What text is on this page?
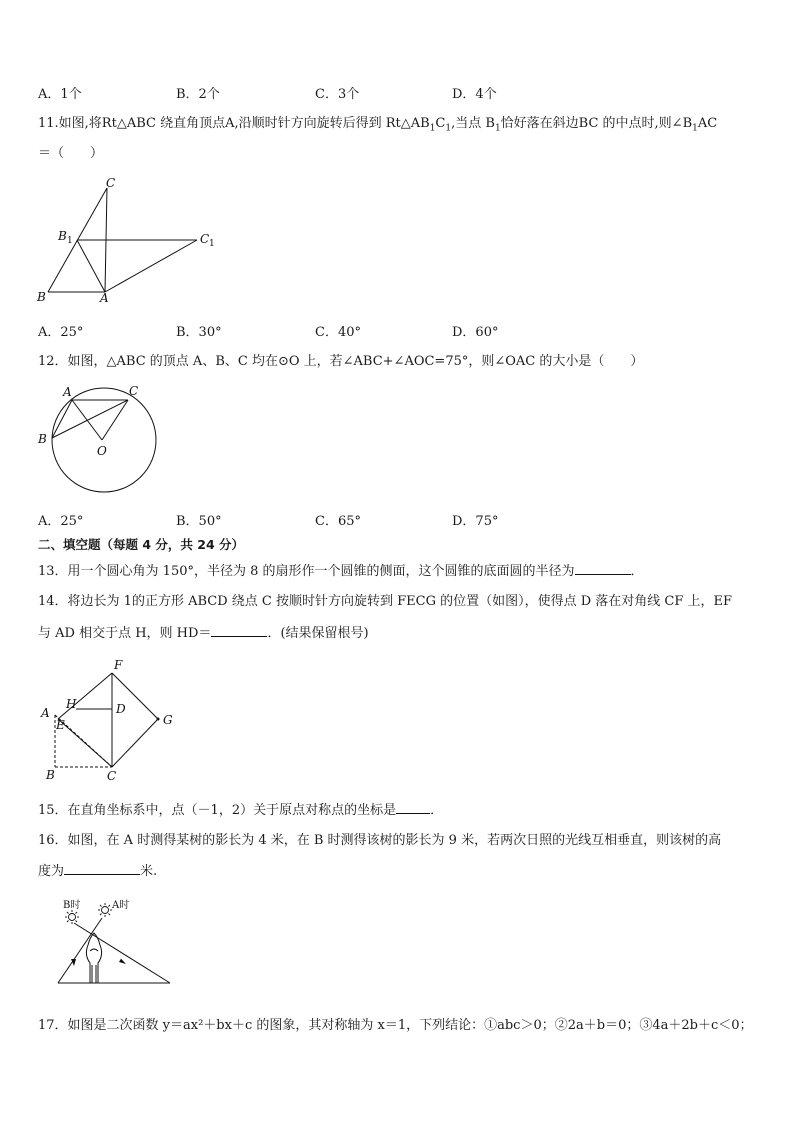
A．1个	B．2个	C．3个	D．4个
11.如图,将Rt△ABC 绕直角顶点A,沿顺时针方向旋转后得到 $Rt\triangle AB_1C_1$,当点 $B_1$恰好落在斜边BC 的中点时,则$\angle B_1AC$
＝（　　）
C
B 1	C 1
B	A
A．25°	B．30°	C．40°	D．60°
12．如图，△ABC 的顶点 A、B、C 均在⊙O 上，若∠ABC+∠AOC=75°，则∠OAC 的大小是（　　）
A	C
B
O
A．25°	B．50°	C．65°	D．75°
二、填空题（每题 4 分，共 24 分）
13．用一个圆心角为 150°，半径为 8 的扇形作一个圆锥的侧面，这个圆锥的底面圆的半径为	．
14．将边长为 1的正方形 ABCD 绕点 C 按顺时针方向旋转到 FECG 的位置（如图），使得点 D 落在对角线 CF 上，EF
与 AD 相交于点 H，则 HD＝	．(结果保留根号)
F
H	D
A
E	G
B	C
15．在直角坐标系中，点（－1，2）关于原点对称点的坐标是	．
16．如图，在 A 时测得某树的影长为 4 米，在 B 时测得该树的影长为 9 米，若两次日照的光线互相垂直，则该树的高
度为	米.
B时	A时
17．如图是二次函数 y＝ax²＋bx＋c 的图象，其对称轴为 x＝1，下列结论：①abc＞0；②2a＋b＝0；③4a＋2b＋c＜0；
